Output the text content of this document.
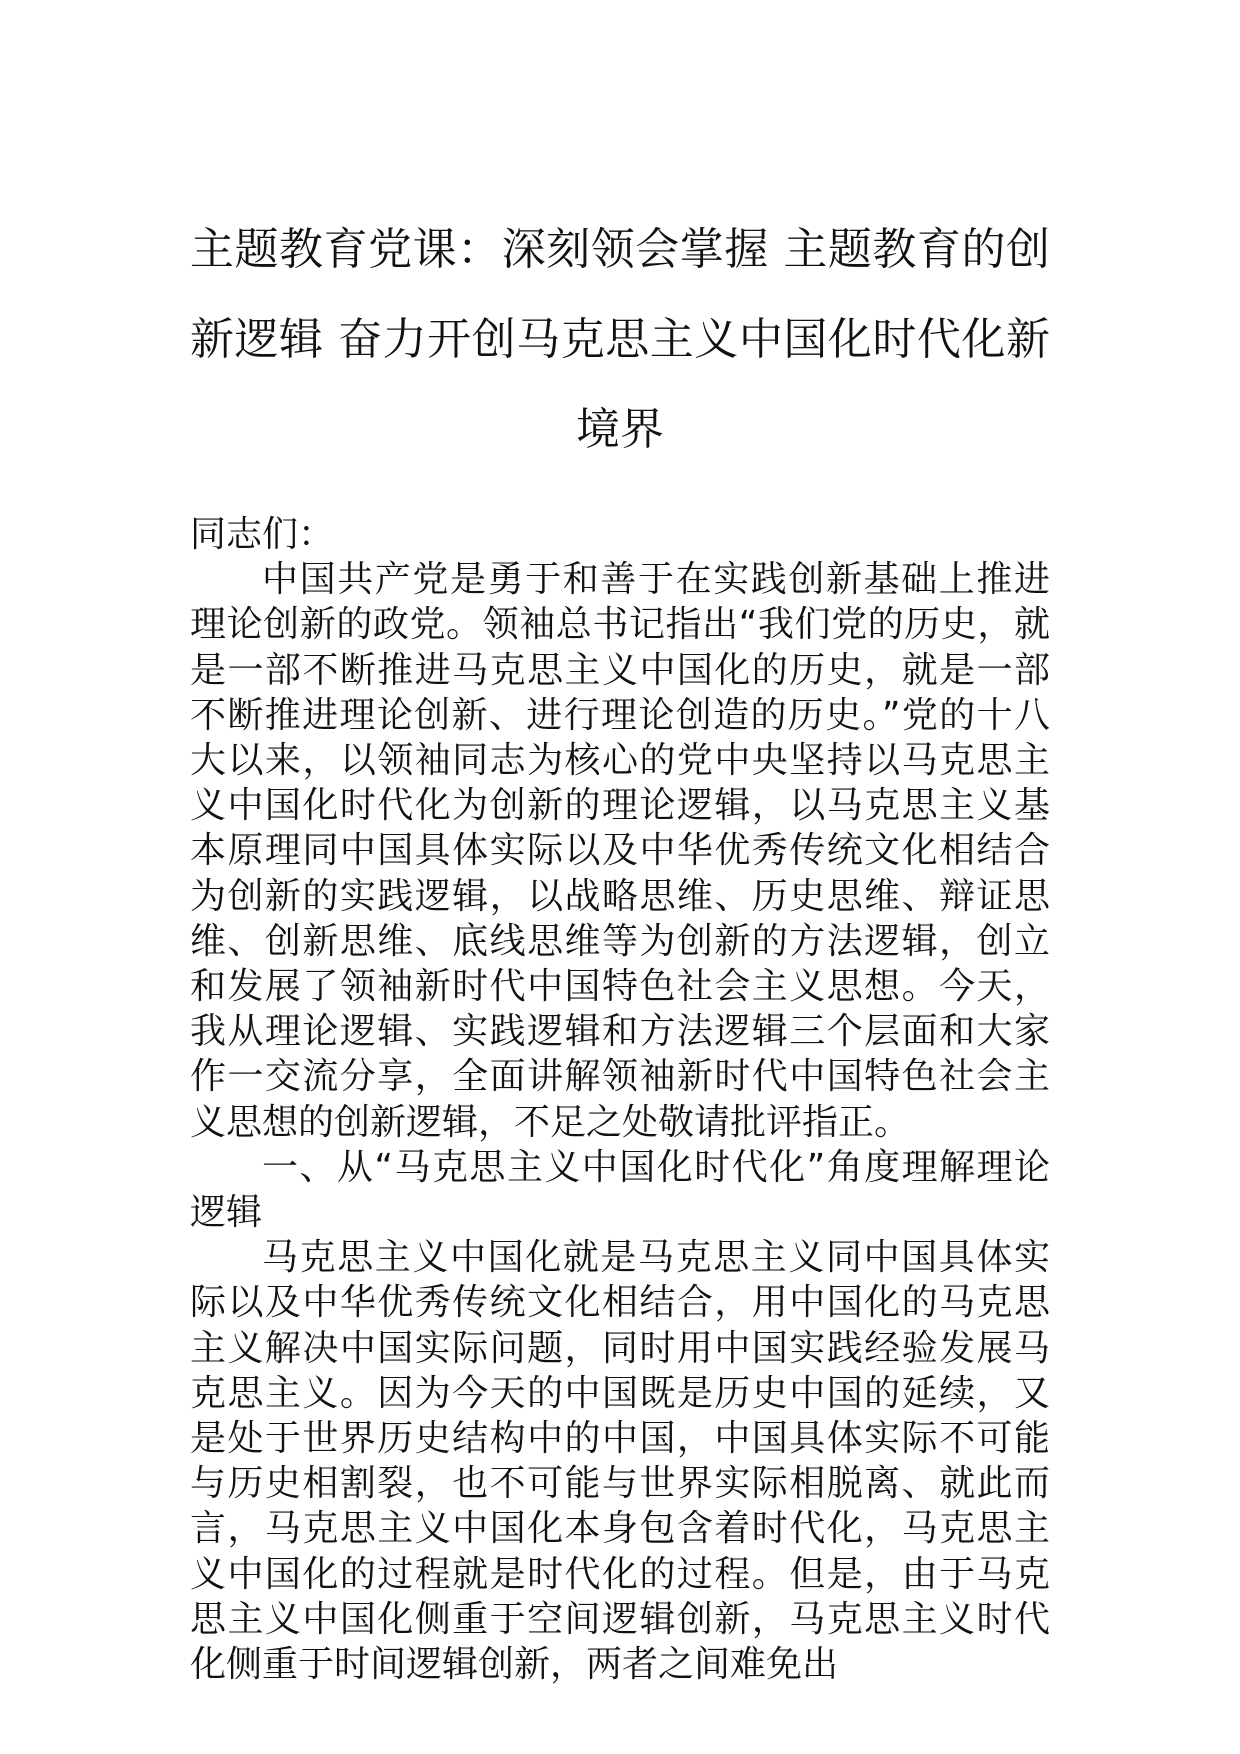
主题教育党课：深刻领会掌握 主题教育的创新逻辑 奋力开创马克思主义中国化时代化新境界

同志们：

中国共产党是勇于和善于在实践创新基础上推进理论创新的政党。领袖总书记指出“我们党的历史，就是一部不断推进马克思主义中国化的历史，就是一部不断推进理论创新、进行理论创造的历史。”党的十八大以来，以领袖同志为核心的党中央坚持以马克思主义中国化时代化为创新的理论逻辑，以马克思主义基本原理同中国具体实际以及中华优秀传统文化相结合为创新的实践逻辑，以战略思维、历史思维、辩证思维、创新思维、底线思维等为创新的方法逻辑，创立和发展了领袖新时代中国特色社会主义思想。今天，我从理论逻辑、实践逻辑和方法逻辑三个层面和大家作一交流分享，全面讲解领袖新时代中国特色社会主义思想的创新逻辑，不足之处敬请批评指正。

一、从“马克思主义中国化时代化”角度理解理论逻辑

马克思主义中国化就是马克思主义同中国具体实际以及中华优秀传统文化相结合，用中国化的马克思主义解决中国实际问题，同时用中国实践经验发展马克思主义。因为今天的中国既是历史中国的延续，又是处于世界历史结构中的中国，中国具体实际不可能与历史相割裂，也不可能与世界实际相脱离、就此而言，马克思主义中国化本身包含着时代化，马克思主义中国化的过程就是时代化的过程。但是，由于马克思主义中国化侧重于空间逻辑创新，马克思主义时代化侧重于时间逻辑创新，两者之间难免出
